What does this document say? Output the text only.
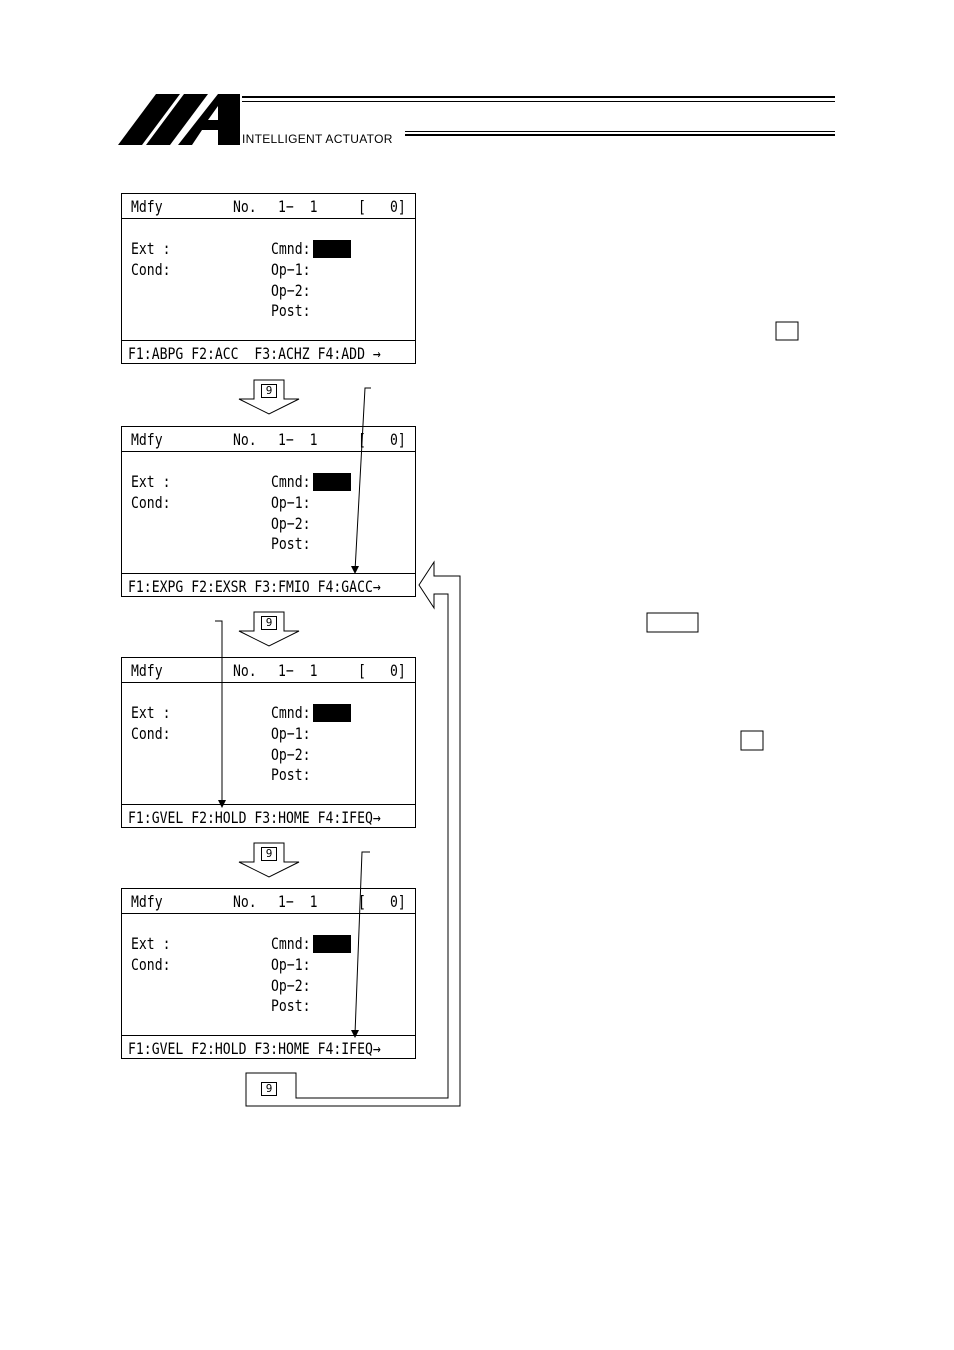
INTELLIGENT ACTUATOR
Mdfy	No. 1−  1	[ 0]
Ext :
Cond:
Cmnd:
Op−1:
Op−2:
Post:
F1:ABPG F2:ACC  F3:ACHZ F4:ADD →
Mdfy	No. 1−  1	[ 0]
Ext :
Cond:
Cmnd:
Op−1:
Op−2:
Post:
F1:EXPG F2:EXSR F3:FMIO F4:GACC→
Mdfy	No. 1−  1	[ 0]
Ext :
Cond:
Cmnd:
Op−1:
Op−2:
Post:
F1:GVEL F2:HOLD F3:HOME F4:IFEQ→
Mdfy	No. 1−  1	[ 0]
Ext :
Cond:
Cmnd:
Op−1:
Op−2:
Post:
F1:GVEL F2:HOLD F3:HOME F4:IFEQ→
9
9
9
9
